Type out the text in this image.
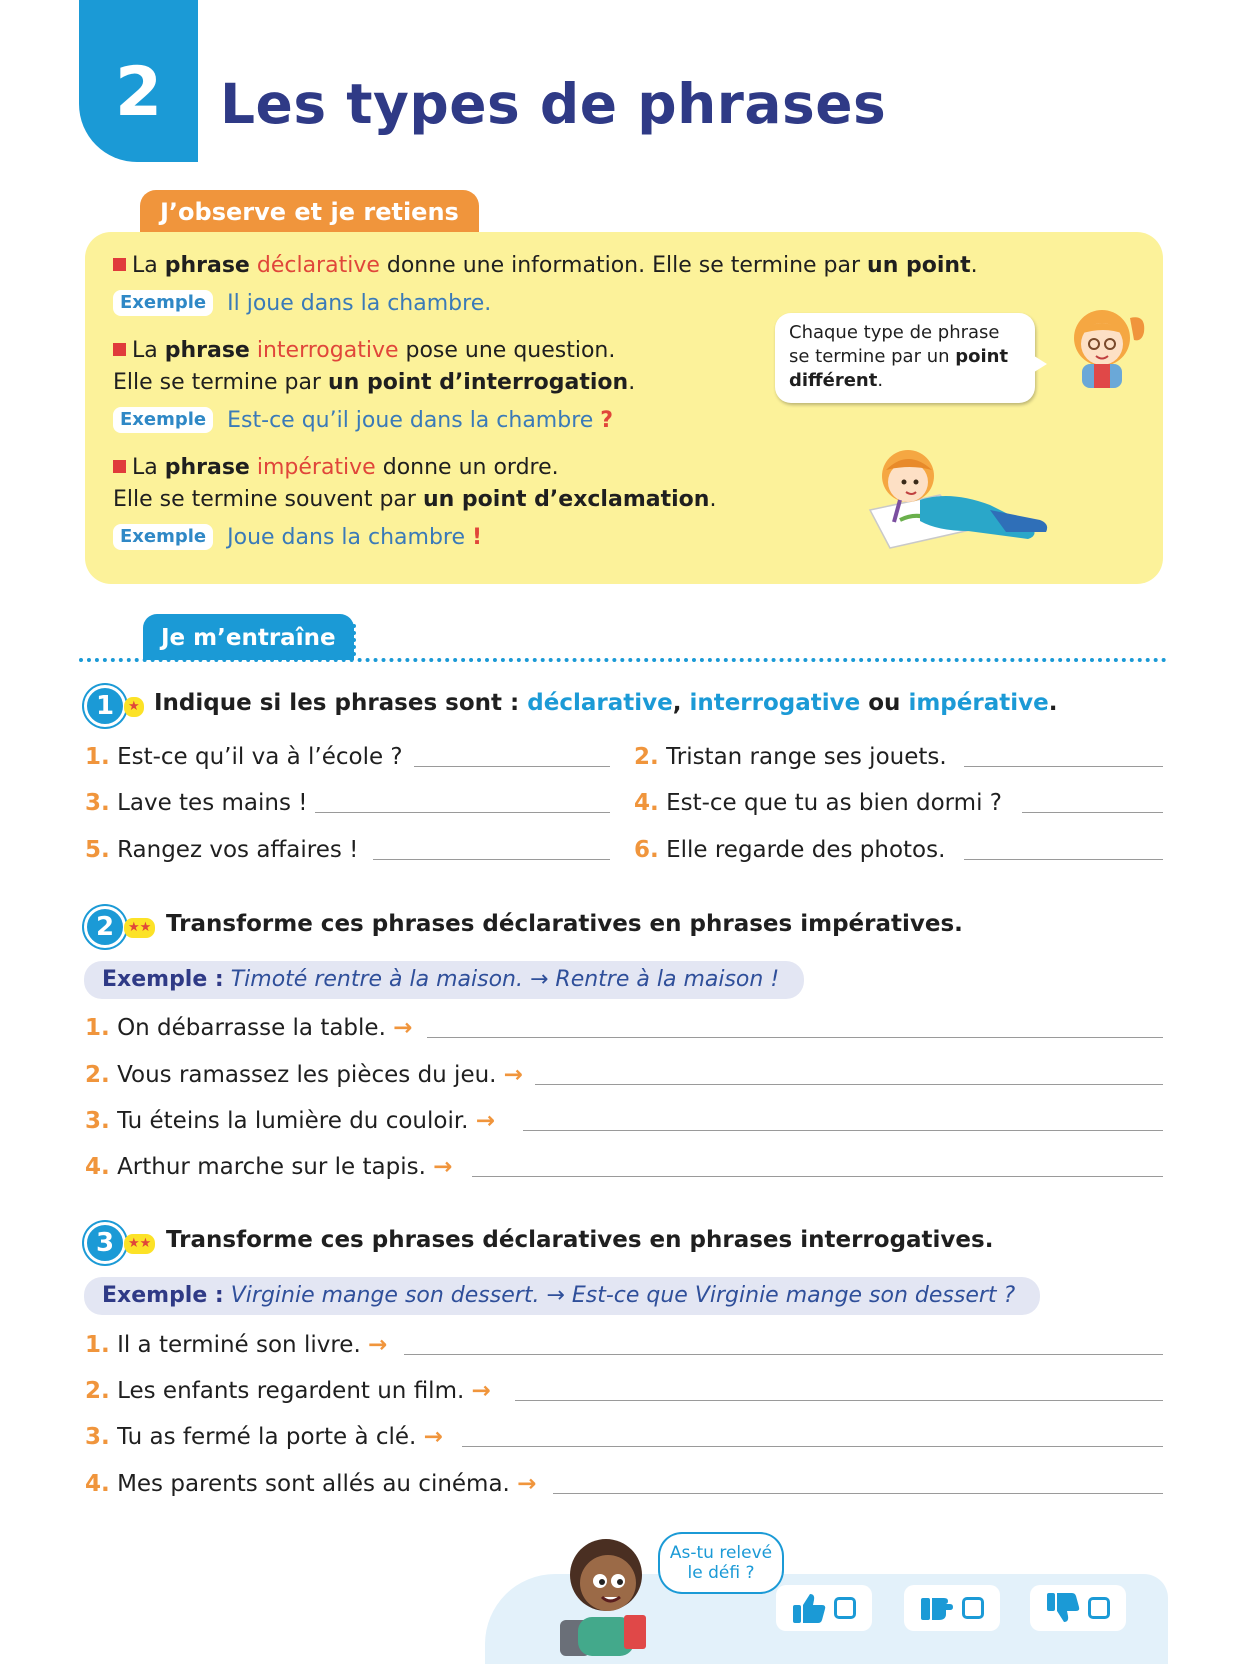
2 Les types de phrases
J’observe et je retiens
La phrase déclarative donne une information. Elle se termine par un point.
Exemple Il joue dans la chambre.
La phrase interrogative pose une question.
Elle se termine par un point d’interrogation.
Exemple Est-ce qu’il joue dans la chambre ?
La phrase impérative donne un ordre.
Elle se termine souvent par un point d’exclamation.
Exemple Joue dans la chambre !
Chaque type de phrase
se termine par un point
différent.
Je m’entraîne
1	★ Indique si les phrases sont : déclarative, interrogative ou impérative.
1. Est-ce qu’il va à l’école ?	2. Tristan range ses jouets.
3. Lave tes mains !	4. Est-ce que tu as bien dormi ?
5. Rangez vos affaires !	6. Elle regarde des photos.
2	★★ Transforme ces phrases déclaratives en phrases impératives.
Exemple : Timoté rentre à la maison. → Rentre à la maison !
1. On débarrasse la table. →
2. Vous ramassez les pièces du jeu. →
3. Tu éteins la lumière du couloir. →
4. Arthur marche sur le tapis. →
3	★★ Transforme ces phrases déclaratives en phrases interrogatives.
Exemple : Virginie mange son dessert. → Est-ce que Virginie mange son dessert ?
1. Il a terminé son livre. →
2. Les enfants regardent un film. →
3. Tu as fermé la porte à clé. →
4. Mes parents sont allés au cinéma. →
As-tu relevé
le défi ?
